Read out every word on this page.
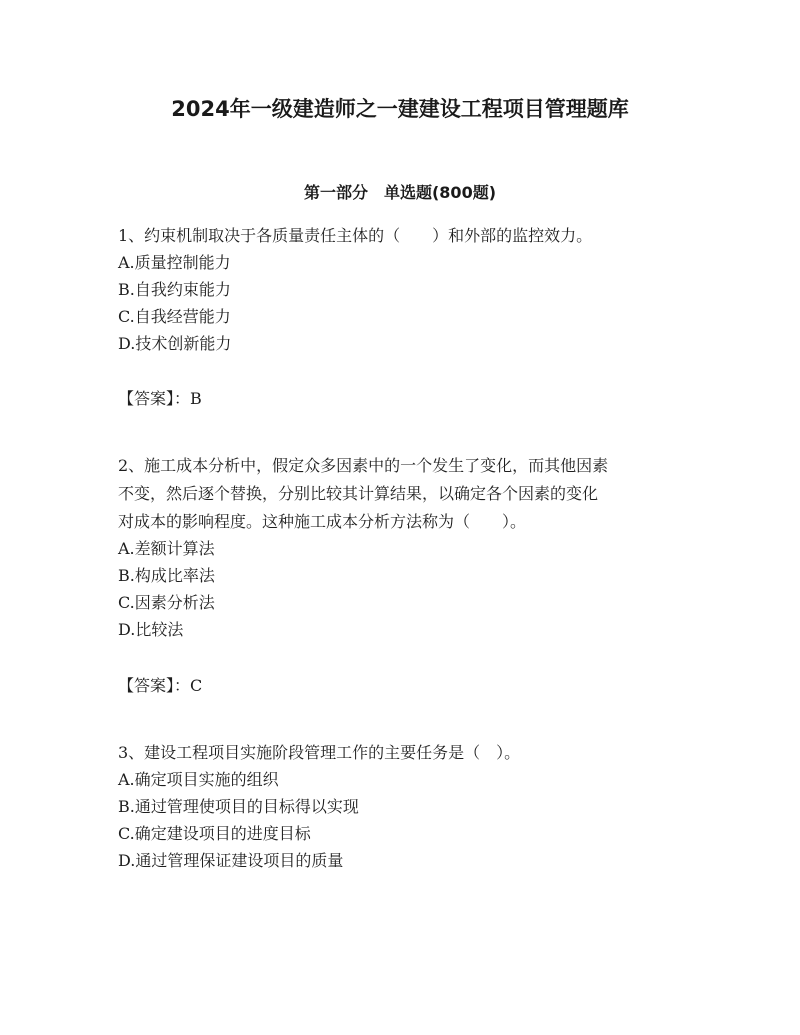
2024年一级建造师之一建建设工程项目管理题库
第一部分　单选题(800题)
1、约束机制取决于各质量责任主体的（　　）和外部的监控效力。
A.质量控制能力
B.自我约束能力
C.自我经营能力
D.技术创新能力
【答案】：B
2、施工成本分析中，假定众多因素中的一个发生了变化，而其他因素
不变，然后逐个替换，分别比较其计算结果，以确定各个因素的变化
对成本的影响程度。这种施工成本分析方法称为（　　）。
A.差额计算法
B.构成比率法
C.因素分析法
D.比较法
【答案】：C
3、建设工程项目实施阶段管理工作的主要任务是（　）。
A.确定项目实施的组织
B.通过管理使项目的目标得以实现
C.确定建设项目的进度目标
D.通过管理保证建设项目的质量
